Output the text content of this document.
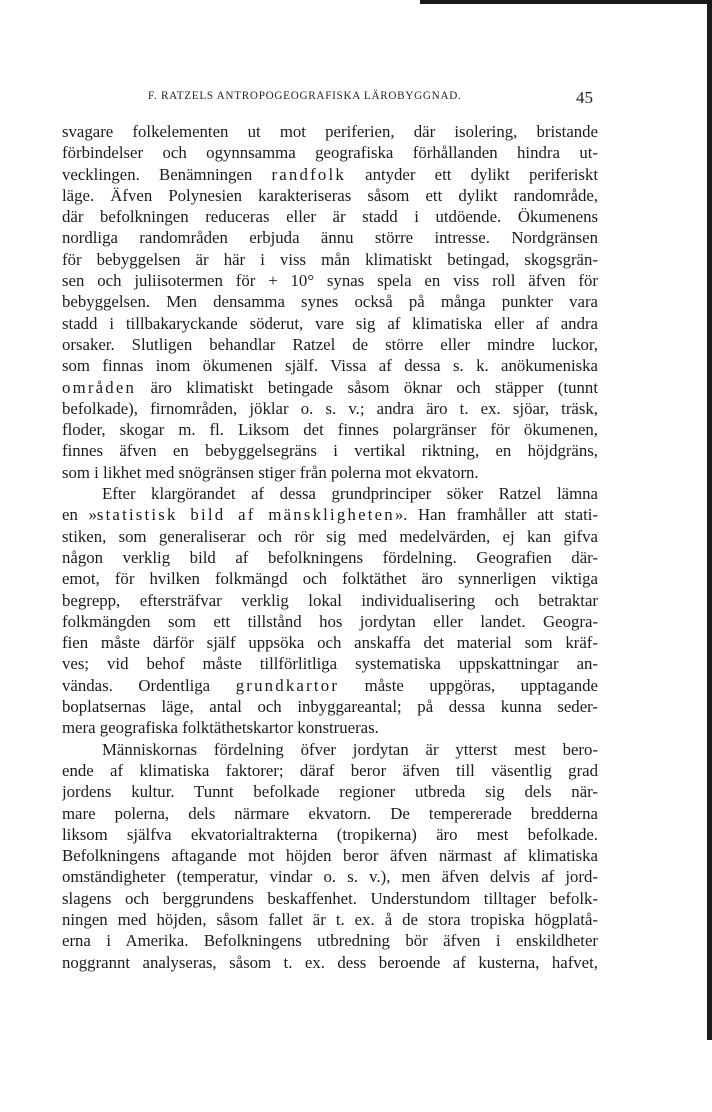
F. RATZELS ANTROPOGEOGRAFISKA LÄROBYGGNAD.	45
svagare folkelementen ut mot periferien, där isolering, bristande
förbindelser och ogynnsamma geografiska förhållanden hindra ut-
vecklingen. Benämningen randfolk antyder ett dylikt periferiskt
läge. Äfven Polynesien karakteriseras såsom ett dylikt randområde,
där befolkningen reduceras eller är stadd i utdöende. Ökumenens
nordliga randområden erbjuda ännu större intresse. Nordgränsen
för bebyggelsen är här i viss mån klimatiskt betingad, skogsgrän-
sen och juliisotermen för + 10° synas spela en viss roll äfven för
bebyggelsen. Men densamma synes också på många punkter vara
stadd i tillbakaryckande söderut, vare sig af klimatiska eller af andra
orsaker. Slutligen behandlar Ratzel de större eller mindre luckor,
som finnas inom ökumenen själf. Vissa af dessa s. k. anökumeniska
områden äro klimatiskt betingade såsom öknar och stäpper (tunnt
befolkade), firnområden, jöklar o. s. v.; andra äro t. ex. sjöar, träsk,
floder, skogar m. fl. Liksom det finnes polargränser för ökumenen,
finnes äfven en bebyggelsegräns i vertikal riktning, en höjdgräns,
som i likhet med snögränsen stiger från polerna mot ekvatorn.
Efter klargörandet af dessa grundprinciper söker Ratzel lämna
en »statistisk bild af mänskligheten». Han framhåller att stati-
stiken, som generaliserar och rör sig med medelvärden, ej kan gifva
någon verklig bild af befolkningens fördelning. Geografien där-
emot, för hvilken folkmängd och folktäthet äro synnerligen viktiga
begrepp, eftersträfvar verklig lokal individualisering och betraktar
folkmängden som ett tillstånd hos jordytan eller landet. Geogra-
fien måste därför själf uppsöka och anskaffa det material som kräf-
ves; vid behof måste tillförlitliga systematiska uppskattningar an-
vändas. Ordentliga grundkartor måste uppgöras, upptagande
boplatsernas läge, antal och inbyggareantal; på dessa kunna seder-
mera geografiska folktäthetskartor konstrueras.
Människornas fördelning öfver jordytan är ytterst mest bero-
ende af klimatiska faktorer; däraf beror äfven till väsentlig grad
jordens kultur. Tunnt befolkade regioner utbreda sig dels när-
mare polerna, dels närmare ekvatorn. De tempererade bredderna
liksom själfva ekvatorialtrakterna (tropikerna) äro mest befolkade.
Befolkningens aftagande mot höjden beror äfven närmast af klimatiska
omständigheter (temperatur, vindar o. s. v.), men äfven delvis af jord-
slagens och berggrundens beskaffenhet. Understundom tilltager befolk-
ningen med höjden, såsom fallet är t. ex. å de stora tropiska högplatå-
erna i Amerika. Befolkningens utbredning bör äfven i enskildheter
noggrannt analyseras, såsom t. ex. dess beroende af kusterna, hafvet,
